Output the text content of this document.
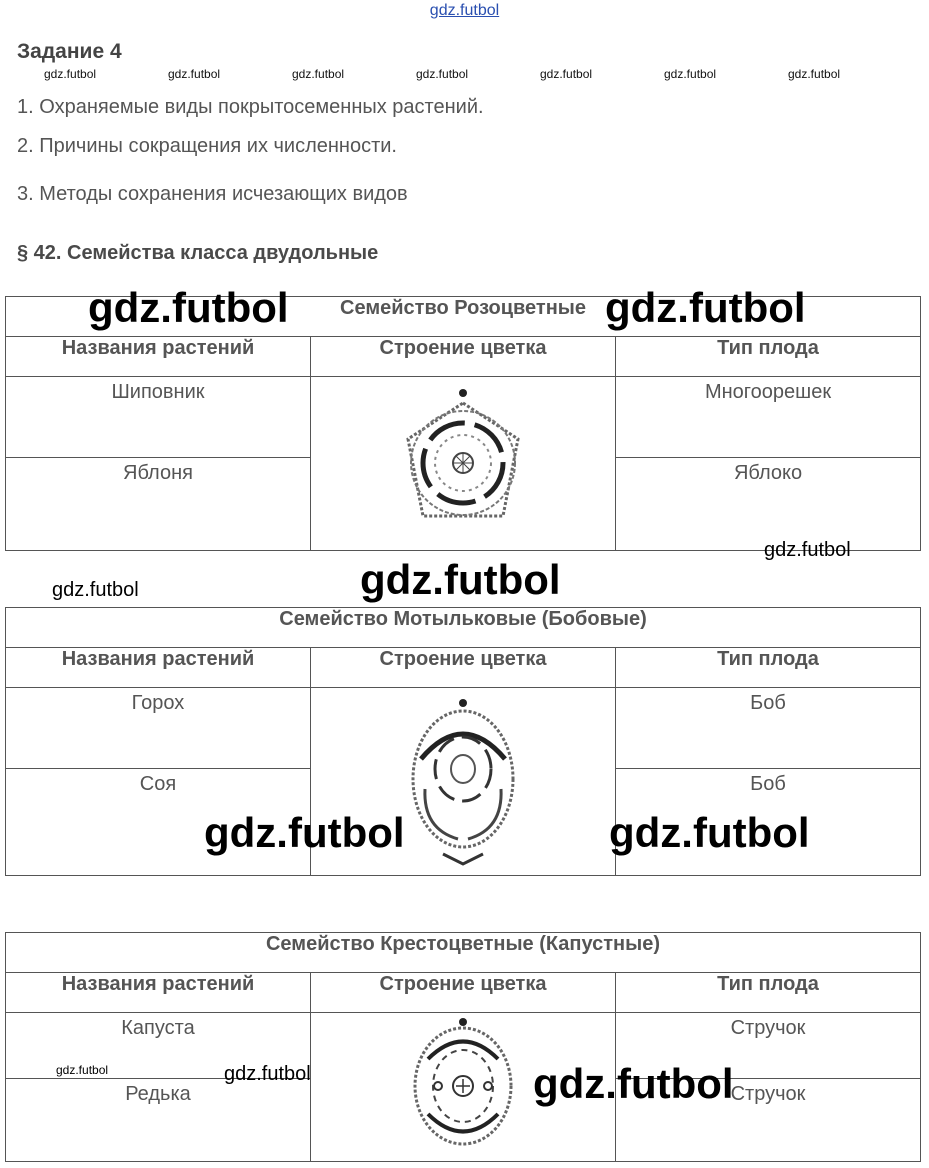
gdz.futbol
Задание 4
gdz.futbol	gdz.futbol	gdz.futbol	gdz.futbol	gdz.futbol	gdz.futbol	gdz.futbol
1. Охраняемые виды покрытосеменных растений.
2. Причины сокращения их численности.
3. Методы сохранения исчезающих видов
§ 42. Семейства класса двудольные
Семейство Розоцветные		
Названия растений	Строение цветка	Тип плода

Шиповник		Многоорешек

Яблоня		Яблоко
Семейство Мотыльковые (Бобовые)		
Названия растений	Строение цветка	Тип плода

Горох		Боб

Соя		Боб
Семейство Крестоцветные (Капустные)		
Названия растений	Строение цветка	Тип плода

Капуста		Стручок

Редька		Стручок
gdz.futbol	gdz.futbol
gdz.futbol
gdz.futbol	gdz.futbol
gdz.futbol	gdz.futbol
gdz.futbol	gdz.futbol	gdz.futbol
